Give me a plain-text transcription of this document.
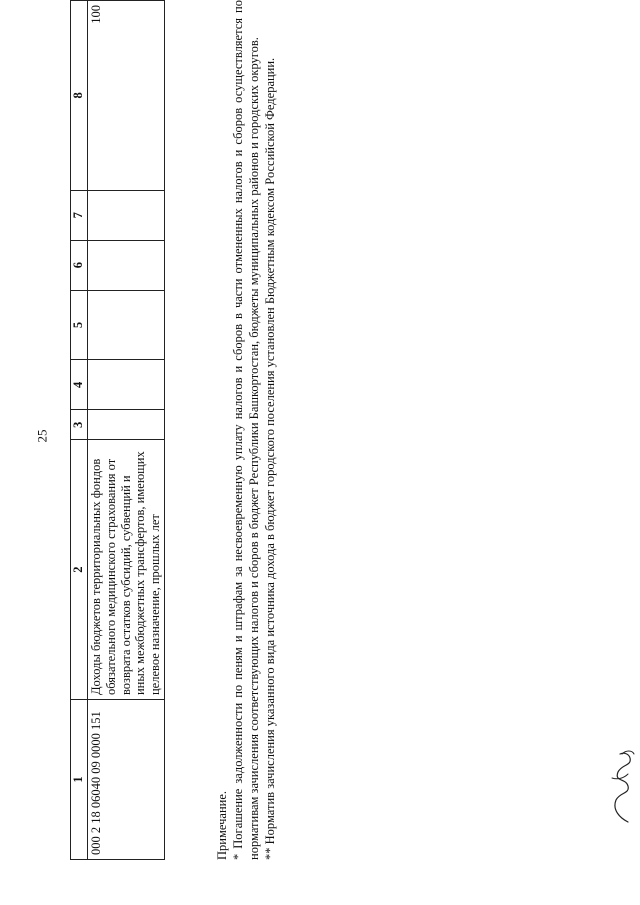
25
1	2	3	4	5	6	7	8
000 2 18 06040 09 0000 151	Доходы бюджетов территориальных фондов обязательного медицинского страхования от возврата остатков субсидий, субвенций и иных межбюджетных трансфертов, имеющих целевое назначение, прошлых лет						100

Примечание. * Погашение задолженности по пеням и штрафам за несвоевременную уплату налогов и сборов в части отмененных налогов и сборов осуществляется по нормативам зачисления соответствующих налогов и сборов в бюджет Республики Башкортостан, бюджеты муниципальных районов и городских округов. ** Норматив зачисления указанного вида источника дохода в бюджет городского поселения установлен Бюджетным кодексом Российской Федерации.
